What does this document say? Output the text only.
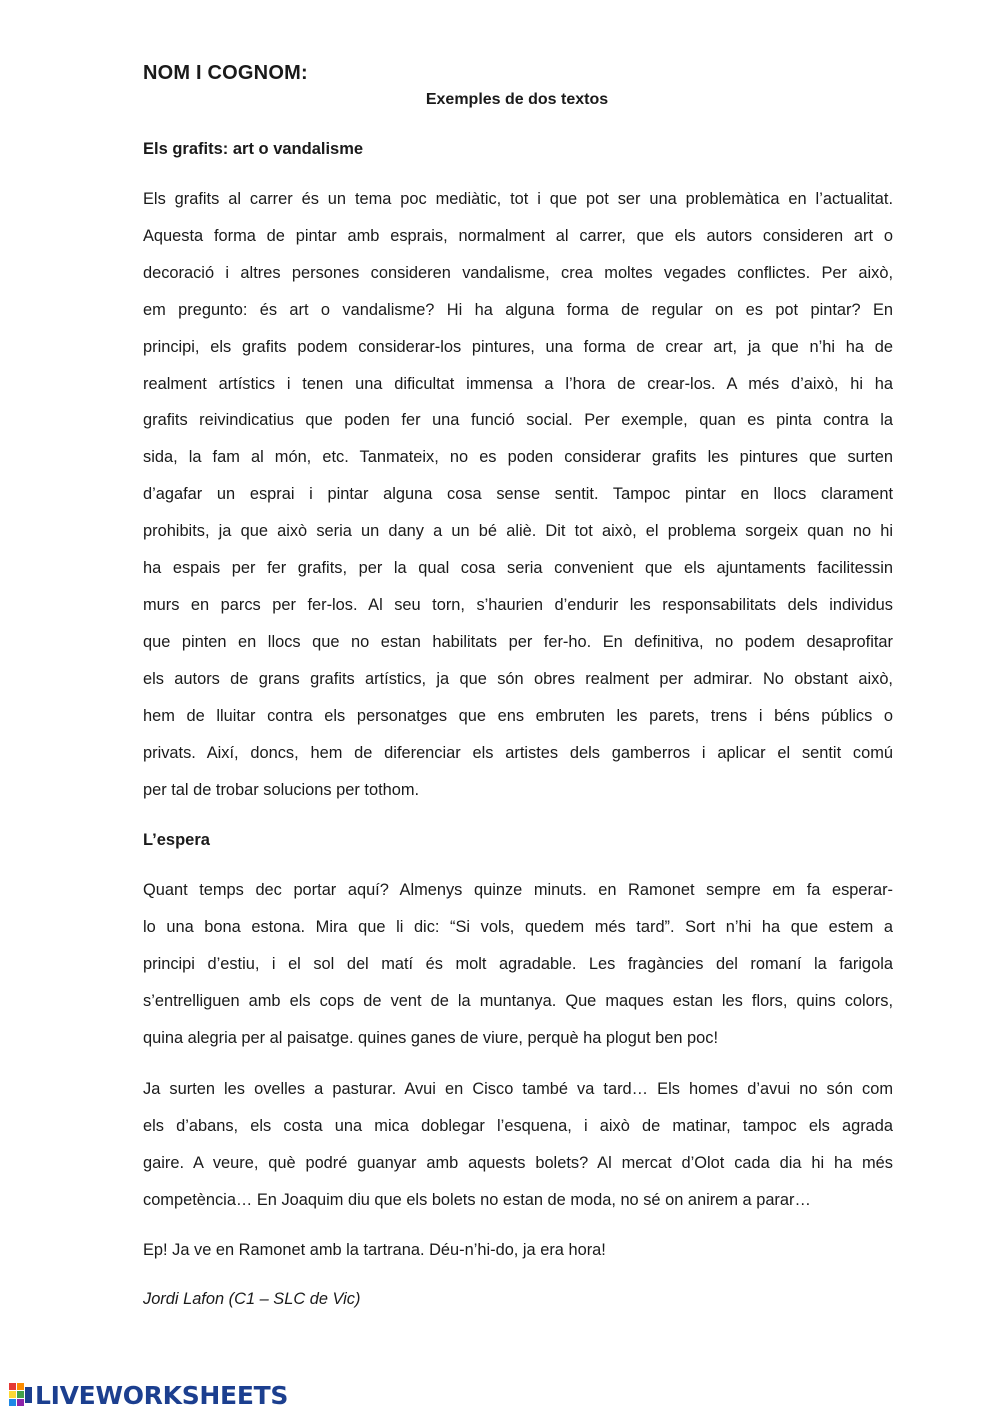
NOM I COGNOM:
Exemples de dos textos
Els grafits: art o vandalisme
Els grafits al carrer és un tema poc mediàtic, tot i que pot ser una problemàtica en l’actualitat.
Aquesta forma de pintar amb esprais, normalment al carrer, que els autors consideren art o
decoració i altres persones consideren vandalisme, crea moltes vegades conflictes. Per això,
em pregunto: és art o vandalisme? Hi ha alguna forma de regular on es pot pintar? En
principi, els grafits podem considerar-los pintures, una forma de crear art, ja que n’hi ha de
realment artístics i tenen una dificultat immensa a l’hora de crear-los. A més d’això, hi ha
grafits reivindicatius que poden fer una funció social. Per exemple, quan es pinta contra la
sida, la fam al món, etc. Tanmateix, no es poden considerar grafits les pintures que surten
d’agafar un esprai i pintar alguna cosa sense sentit. Tampoc pintar en llocs clarament
prohibits, ja que això seria un dany a un bé aliè. Dit tot això, el problema sorgeix quan no hi
ha espais per fer grafits, per la qual cosa seria convenient que els ajuntaments facilitessin
murs en parcs per fer-los. Al seu torn, s’haurien d’endurir les responsabilitats dels individus
que pinten en llocs que no estan habilitats per fer-ho. En definitiva, no podem desaprofitar
els autors de grans grafits artístics, ja que són obres realment per admirar. No obstant això,
hem de lluitar contra els personatges que ens embruten les parets, trens i béns públics o
privats. Així, doncs, hem de diferenciar els artistes dels gamberros i aplicar el sentit comú
per tal de trobar solucions per tothom.
L’espera
Quant temps dec portar aquí? Almenys quinze minuts. en Ramonet sempre em fa esperar-
lo una bona estona. Mira que li dic: “Si vols, quedem més tard”. Sort n’hi ha que estem a
principi d’estiu, i el sol del matí és molt agradable. Les fragàncies del romaní la farigola
s’entrelliguen amb els cops de vent de la muntanya. Que maques estan les flors, quins colors,
quina alegria per al paisatge. quines ganes de viure, perquè ha plogut ben poc!
Ja surten les ovelles a pasturar. Avui en Cisco també va tard… Els homes d’avui no són com
els d’abans, els costa una mica doblegar l’esquena, i això de matinar, tampoc els agrada
gaire. A veure, què podré guanyar amb aquests bolets? Al mercat d’Olot cada dia hi ha més
competència… En Joaquim diu que els bolets no estan de moda, no sé on anirem a parar…
Ep! Ja ve en Ramonet amb la tartrana. Déu-n’hi-do, ja era hora!
Jordi Lafon (C1 – SLC de Vic)
LIVEWORKSHEETS
